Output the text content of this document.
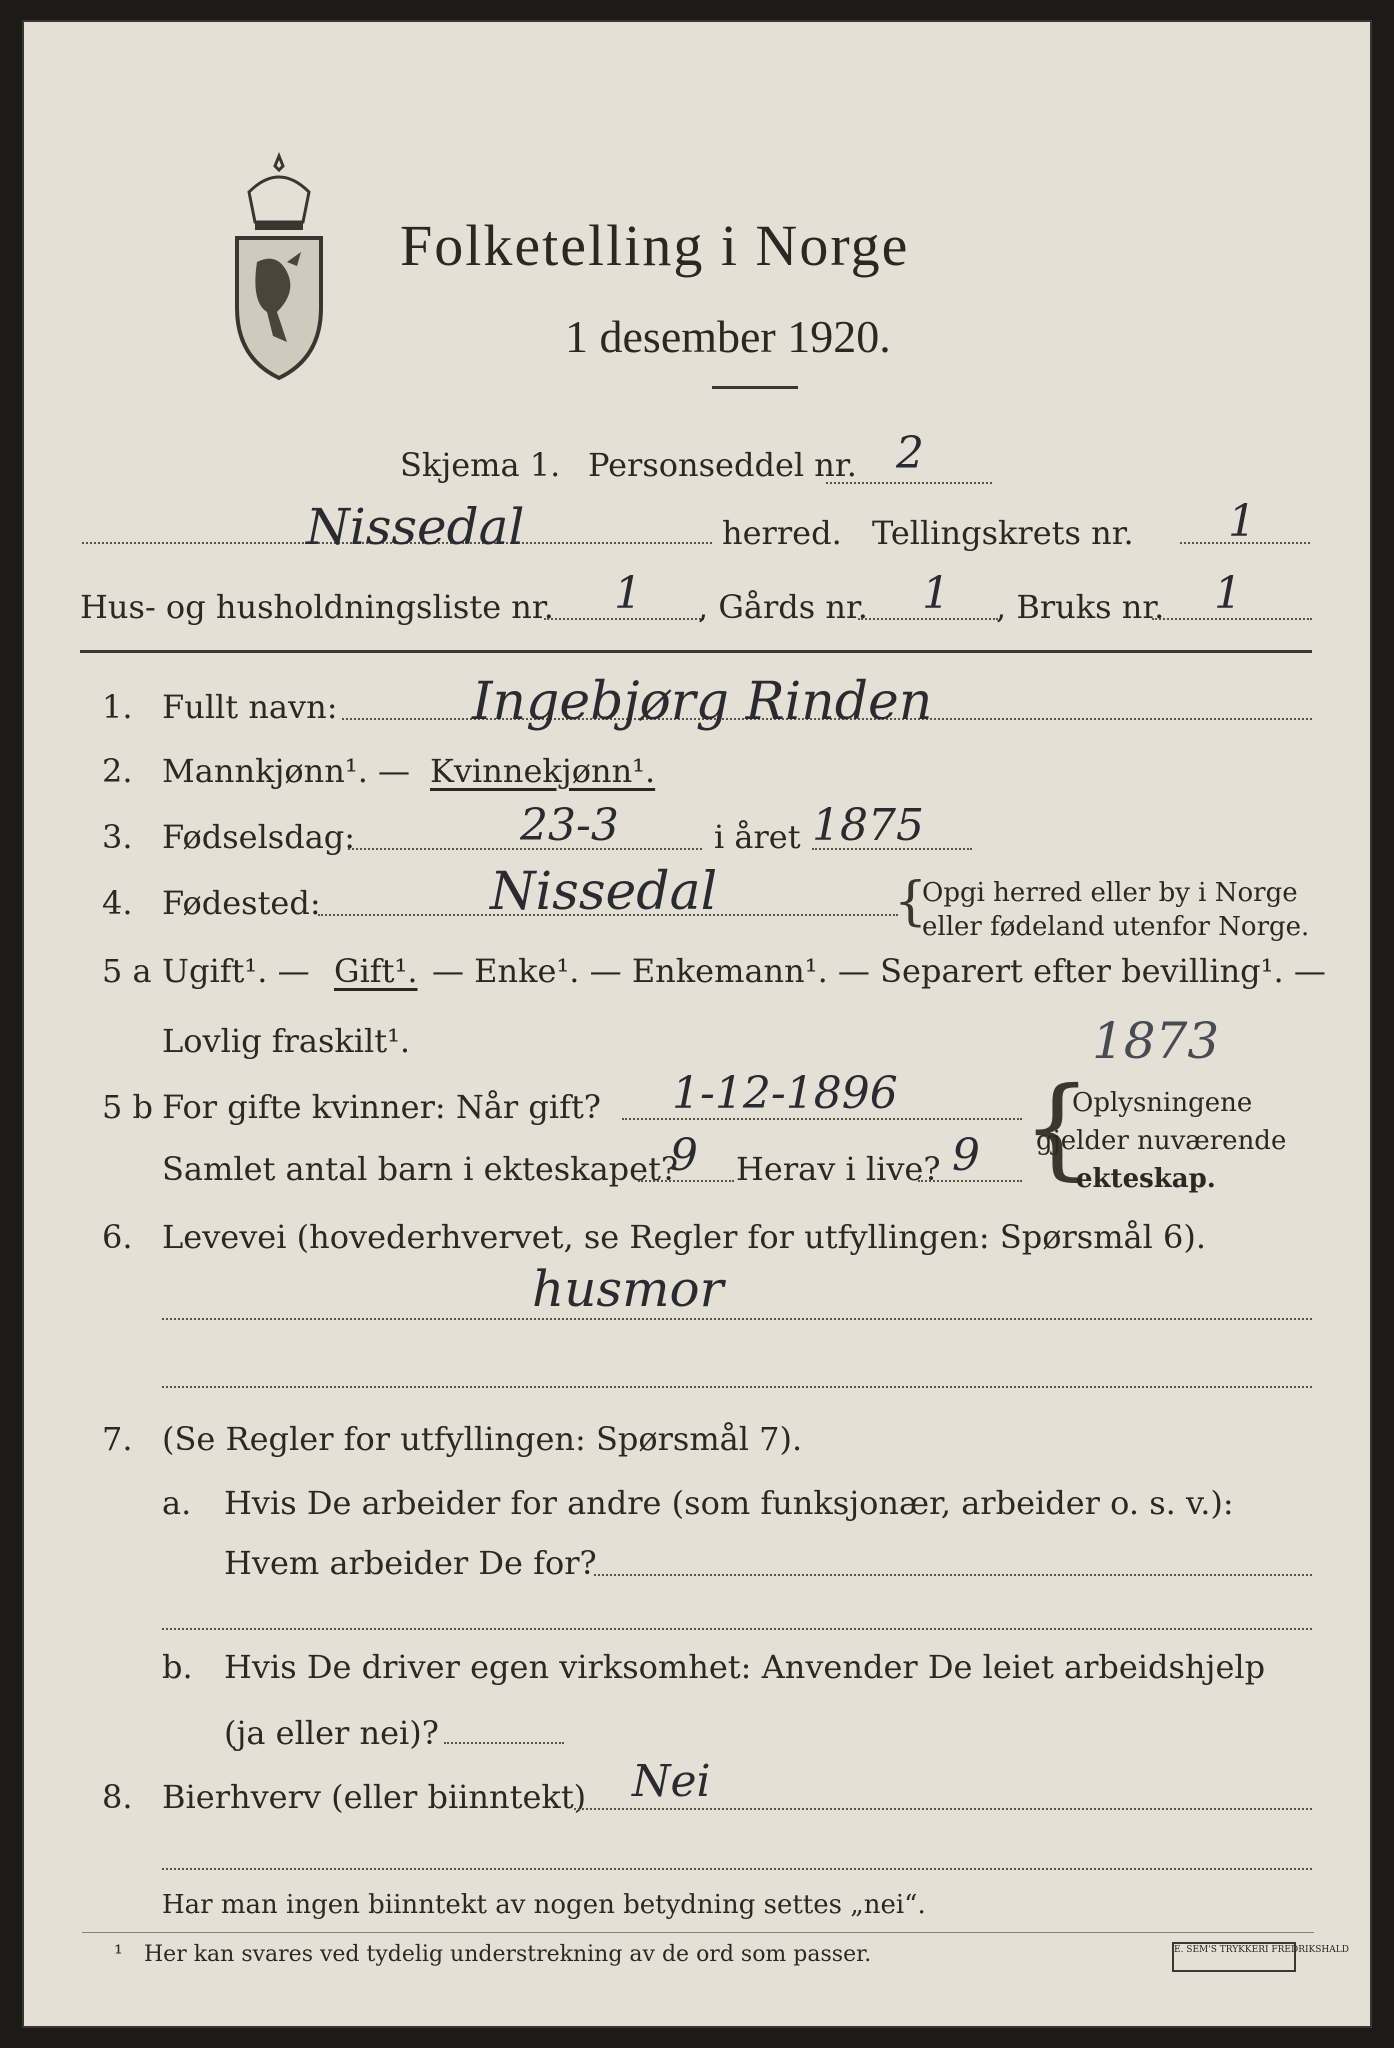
Folketelling i Norge
1 desember 1920.
Skjema 1. Personseddel nr. 2
Nissedal	herred. Tellingskrets nr. 1
Hus- og husholdningsliste nr. 1 , Gårds nr. 1 , Bruks nr. 1
1. Fullt navn:	Ingebjørg Rinden
2. Mannkjønn¹. — Kvinnekjønn¹.
3. Fødselsdag:	23-3	i året 1875
4. Fødested:	Nissedal	{
Opgi herred eller by i Norge
eller fødeland utenfor Norge.
5 a Ugift¹. — Gift¹. — Enke¹. — Enkemann¹. — Separert efter bevilling¹. —
Lovlig fraskilt¹.	1873
5 b For gifte kvinner: Når gift? 1-12-1896
Samlet antal barn i ekteskapet?
9 Herav i live? 9 {
Oplysningene
gjelder nuværende
ekteskap.
6. Levevei (hovederhvervet, se Regler for utfyllingen: Spørsmål 6).
husmor
7. (Se Regler for utfyllingen: Spørsmål 7).
a. Hvis De arbeider for andre (som funksjonær, arbeider o. s. v.):
Hvem arbeider De for?
b. Hvis De driver egen virksomhet: Anvender De leiet arbeidshjelp
(ja eller nei)?
8. Bierhverv (eller biinntekt) Nei
Har man ingen biinntekt av nogen betydning settes „nei“.
¹ Her kan svares ved tydelig understrekning av de ord som passer.	E. SEM'S TRYKKERI FREDRIKSHALD
